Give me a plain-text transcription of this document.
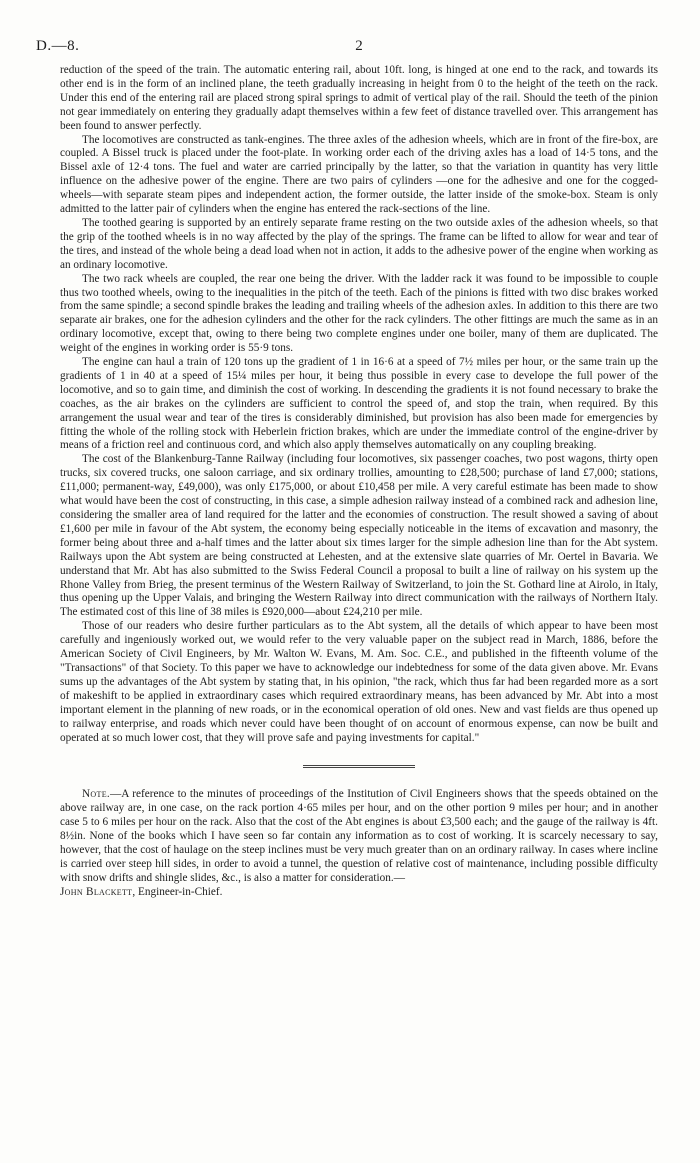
D.—8.	2

reduction of the speed of the train. The automatic entering rail, about 10ft. long, is hinged at one end to the rack, and towards its other end is in the form of an inclined plane, the teeth gradually increasing in height from 0 to the height of the teeth on the rack. Under this end of the entering rail are placed strong spiral springs to admit of vertical play of the rail. Should the teeth of the pinion not gear immediately on entering they gradually adapt themselves within a few feet of distance travelled over. This arrangement has been found to answer perfectly.

The locomotives are constructed as tank-engines. The three axles of the adhesion wheels, which are in front of the fire-box, are coupled. A Bissel truck is placed under the foot-plate. In working order each of the driving axles has a load of 14·5 tons, and the Bissel axle of 12·4 tons. The fuel and water are carried principally by the latter, so that the variation in quantity has very little influence on the adhesive power of the engine. There are two pairs of cylinders —one for the adhesive and one for the cogged-wheels—with separate steam pipes and independent action, the former outside, the latter inside of the smoke-box. Steam is only admitted to the latter pair of cylinders when the engine has entered the rack-sections of the line.

The toothed gearing is supported by an entirely separate frame resting on the two outside axles of the adhesion wheels, so that the grip of the toothed wheels is in no way affected by the play of the springs. The frame can be lifted to allow for wear and tear of the tires, and instead of the whole being a dead load when not in action, it adds to the adhesive power of the engine when working as an ordinary locomotive.

The two rack wheels are coupled, the rear one being the driver. With the ladder rack it was found to be impossible to couple thus two toothed wheels, owing to the inequalities in the pitch of the teeth. Each of the pinions is fitted with two disc brakes worked from the same spindle; a second spindle brakes the leading and trailing wheels of the adhesion axles. In addition to this there are two separate air brakes, one for the adhesion cylinders and the other for the rack cylinders. The other fittings are much the same as in an ordinary locomotive, except that, owing to there being two complete engines under one boiler, many of them are duplicated. The weight of the engines in working order is 55·9 tons.

The engine can haul a train of 120 tons up the gradient of 1 in 16·6 at a speed of 7½ miles per hour, or the same train up the gradients of 1 in 40 at a speed of 15¼ miles per hour, it being thus possible in every case to develope the full power of the locomotive, and so to gain time, and diminish the cost of working. In descending the gradients it is not found necessary to brake the coaches, as the air brakes on the cylinders are sufficient to control the speed of, and stop the train, when required. By this arrangement the usual wear and tear of the tires is considerably diminished, but provision has also been made for emergencies by fitting the whole of the rolling stock with Heberlein friction brakes, which are under the immediate control of the engine-driver by means of a friction reel and continuous cord, and which also apply themselves automatically on any coupling breaking.

The cost of the Blankenburg-Tanne Railway (including four locomotives, six passenger coaches, two post wagons, thirty open trucks, six covered trucks, one saloon carriage, and six ordinary trollies, amounting to £28,500; purchase of land £7,000; stations, £11,000; permanent-way, £49,000), was only £175,000, or about £10,458 per mile. A very careful estimate has been made to show what would have been the cost of constructing, in this case, a simple adhesion railway instead of a combined rack and adhesion line, considering the smaller area of land required for the latter and the economies of construction. The result showed a saving of about £1,600 per mile in favour of the Abt system, the economy being especially noticeable in the items of excavation and masonry, the former being about three and a-half times and the latter about six times larger for the simple adhesion line than for the Abt system. Railways upon the Abt system are being constructed at Lehesten, and at the extensive slate quarries of Mr. Oertel in Bavaria. We understand that Mr. Abt has also submitted to the Swiss Federal Council a proposal to built a line of railway on his system up the Rhone Valley from Brieg, the present terminus of the Western Railway of Switzerland, to join the St. Gothard line at Airolo, in Italy, thus opening up the Upper Valais, and bringing the Western Railway into direct communication with the railways of Northern Italy. The estimated cost of this line of 38 miles is £920,000—about £24,210 per mile.

Those of our readers who desire further particulars as to the Abt system, all the details of which appear to have been most carefully and ingeniously worked out, we would refer to the very valuable paper on the subject read in March, 1886, before the American Society of Civil Engineers, by Mr. Walton W. Evans, M. Am. Soc. C.E., and published in the fifteenth volume of the "Transactions" of that Society. To this paper we have to acknowledge our indebtedness for some of the data given above. Mr. Evans sums up the advantages of the Abt system by stating that, in his opinion, "the rack, which thus far had been regarded more as a sort of makeshift to be applied in extraordinary cases which required extraordinary means, has been advanced by Mr. Abt into a most important element in the planning of new roads, or in the economical operation of old ones. New and vast fields are thus opened up to railway enterprise, and roads which never could have been thought of on account of enormous expense, can now be built and operated at so much lower cost, that they will prove safe and paying investments for capital."

Note.—A reference to the minutes of proceedings of the Institution of Civil Engineers shows that the speeds obtained on the above railway are, in one case, on the rack portion 4·65 miles per hour, and on the other portion 9 miles per hour; and in another case 5 to 6 miles per hour on the rack. Also that the cost of the Abt engines is about £3,500 each; and the gauge of the railway is 4ft. 8½in. None of the books which I have seen so far contain any information as to cost of working. It is scarcely necessary to say, however, that the cost of haulage on the steep inclines must be very much greater than on an ordinary railway. In cases where incline is carried over steep hill sides, in order to avoid a tunnel, the question of relative cost of maintenance, including possible difficulty with snow drifts and shingle slides, &c., is also a matter for consideration.—

John Blackett, Engineer-in-Chief.
